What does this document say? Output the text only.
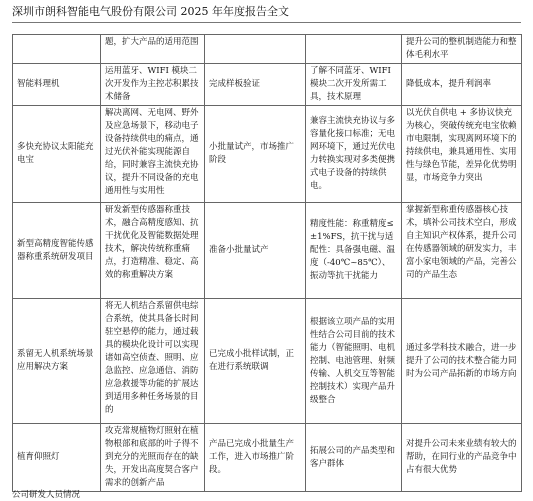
深圳市朗科智能电气股份有限公司 2025 年年度报告全文
	题，扩大产品的适用范围			提升公司的整机制造能力和整体毛利水平
智能料理机	运用蓝牙、WIFI 模块二次开发作为主控芯积累技术储备	完成样板验证	了解不同蓝牙、WIFI 模块二次开发所需工具，技术原理	降低成本，提升利润率
多快充协议太阳能充电宝	解决离网、无电网、野外及应急场景下，移动电子设备持续供电的痛点，通过光伏补能实现能源自给，同时兼容主流快充协议，提升不同设备的充电通用性与实用性	小批量试产，市场推广阶段	兼容主流快充协议与多容量化接口标准；无电网环境下，通过光伏电力转换实现对多类便携式电子设备的持续供电。	以光伏自供电 + 多协议快充为核心，突破传统充电宝依赖市电限制，实现离网环境下的持续供电，兼具通用性、实用性与绿色节能，差异化优势明显，市场竞争力突出
新型高精度智能传感器称重系统研发项目	研发新型传感器称重技术，融合高精度感知、抗干扰优化及智能数据处理技术，解决传统称重痛点，打造精准、稳定、高效的称重解决方案	准备小批量试产	精度性能：称重精度≤±1%FS，抗干扰与适配性：具备强电磁、温度（-40℃~85℃）、振动等抗干扰能力	掌握新型称重传感器核心技术，填补公司技术空白，形成自主知识产权体系，提升公司在传感器领域的研发实力，丰富小家电领域的产品，完善公司的产品生态
系留无人机系统场景应用解决方案	将无人机结合系留供电综合系统，使其具备长时间驻空悬停的能力，通过载具的模块化设计可以实现诸如高空侦查、照明、应急监控、应急通信、消防应急救援等功能的扩展达到适用多种任务场景的目的	已完成小批样试制，正在进行系统联调	根据该立项产品的实用性结合公司目前的技术能力（智能照明、电机控制、电池管理、射频传输、人机交互等智能控制技术）实现产品升级整合	通过多学科技术融合，进一步提升了公司的技术整合能力同时为公司产品拓新的市场方向
植育仰照灯	攻克常规植物灯照射在植物根部和底部的叶子得不到充分的光照而存在的缺失，开发出高度契合客户需求的创新产品	产品已完成小批量生产工作，进入市场推广阶段。	拓展公司的产品类型和客户群体	对提升公司未来业绩有较大的帮助，在同行业的产品竞争中占有很大优势
公司研发人员情况
